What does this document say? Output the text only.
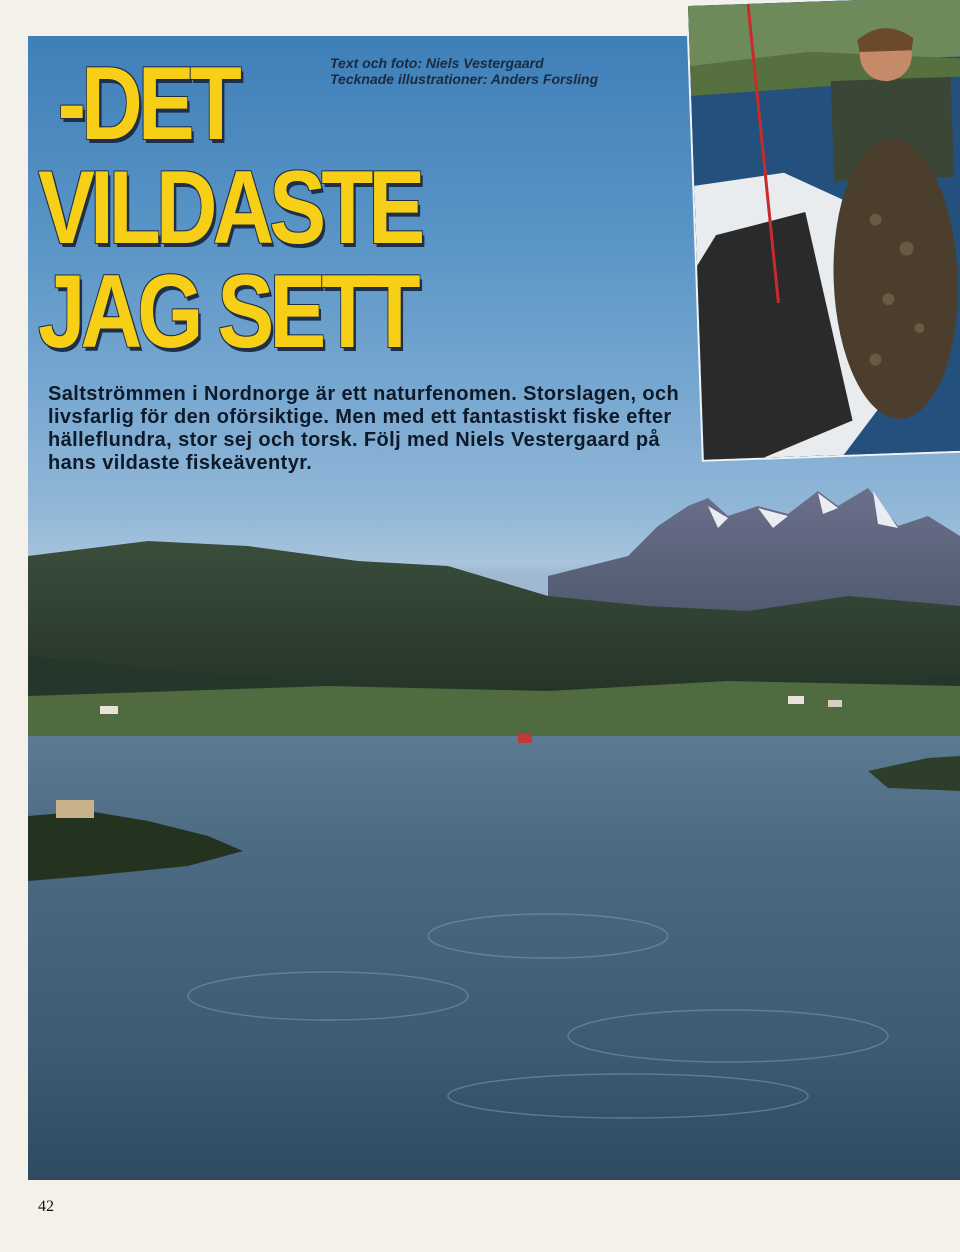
Text och foto: Niels Vestergaard
Tecknade illustrationer: Anders Forsling
-DET
VILDASTE
JAG SETT
Saltströmmen i Nordnorge är ett naturfenomen. Storslagen, och livsfarlig för den oförsiktige. Men med ett fantastiskt fiske efter hälleflundra, stor sej och torsk. Följ med Niels Vestergaard på hans vildaste fiskeäventyr.
42
